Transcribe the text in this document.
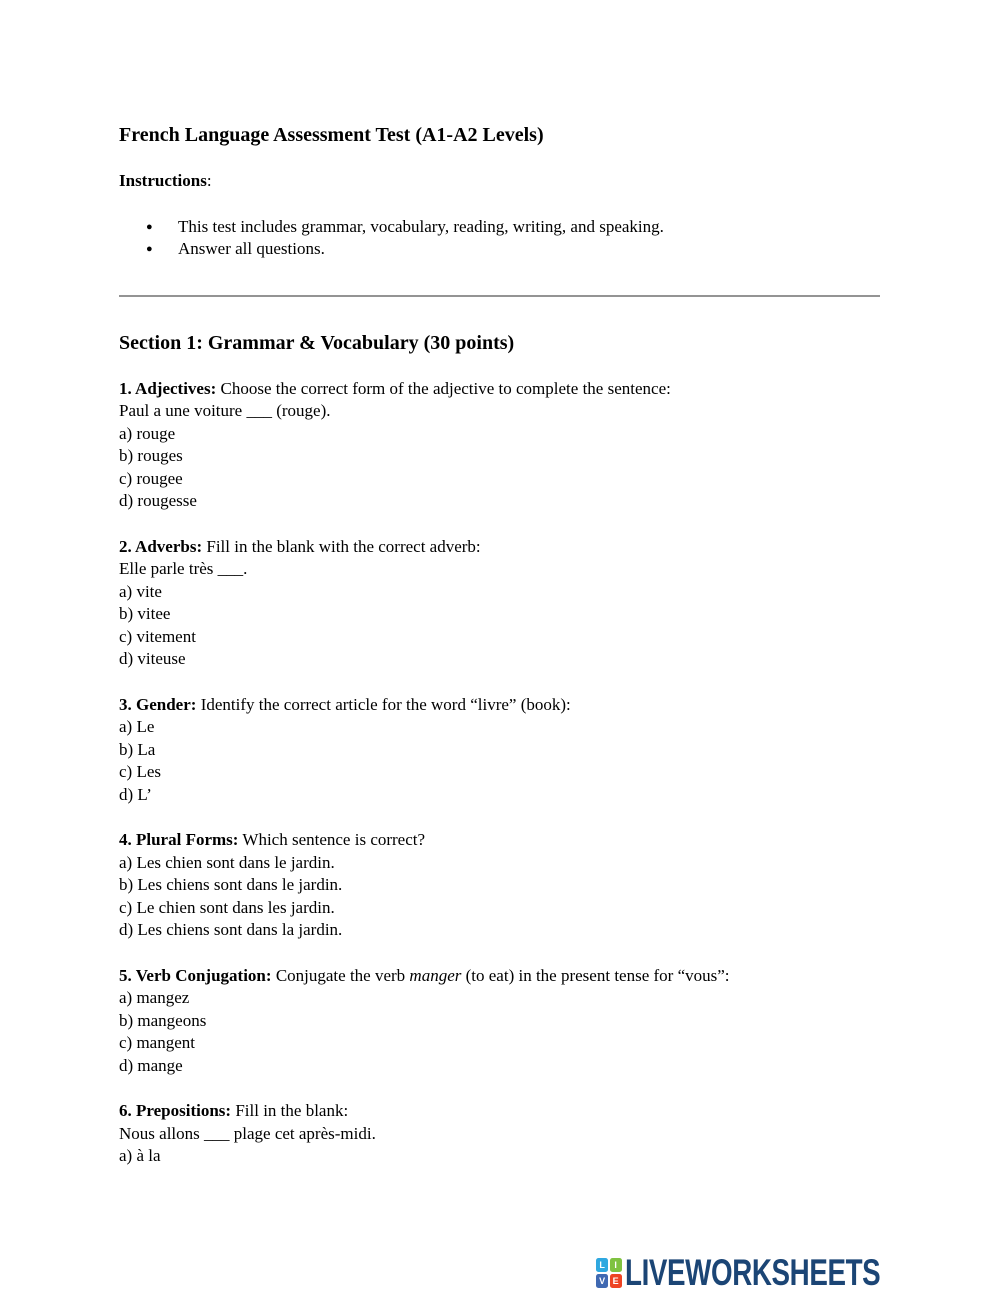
French Language Assessment Test (A1-A2 Levels)
Instructions:
●	This test includes grammar, vocabulary, reading, writing, and speaking.
●	Answer all questions.
Section 1: Grammar & Vocabulary (30 points)
1. Adjectives: Choose the correct form of the adjective to complete the sentence:
Paul a une voiture ___ (rouge).
a) rouge
b) rouges
c) rougee
d) rougesse
2. Adverbs: Fill in the blank with the correct adverb:
Elle parle très ___.
a) vite
b) vitee
c) vitement
d) viteuse
3. Gender: Identify the correct article for the word “livre” (book):
a) Le
b) La
c) Les
d) L’
4. Plural Forms: Which sentence is correct?
a) Les chien sont dans le jardin.
b) Les chiens sont dans le jardin.
c) Le chien sont dans les jardin.
d) Les chiens sont dans la jardin.
5. Verb Conjugation: Conjugate the verb manger (to eat) in the present tense for “vous”:
a) mangez
b) mangeons
c) mangent
d) mange
6. Prepositions: Fill in the blank:
Nous allons ___ plage cet après-midi.
a) à la
L	I
V E LIVEWORKSHEETS
